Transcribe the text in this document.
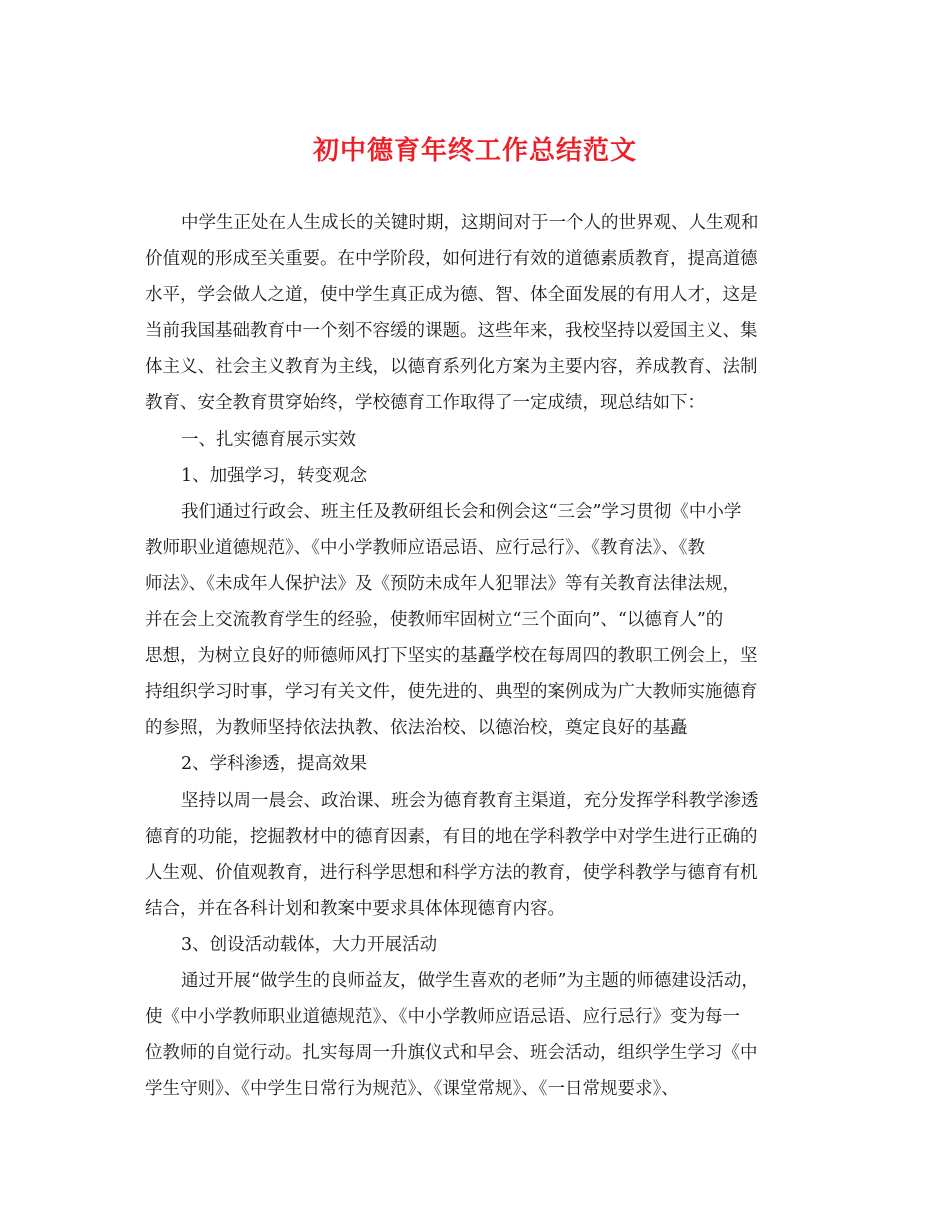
初中德育年终工作总结范文
中学生正处在人生成长的关键时期，这期间对于一个人的世界观、人生观和
价值观的形成至关重要。在中学阶段，如何进行有效的道德素质教育，提高道德
水平，学会做人之道，使中学生真正成为德、智、体全面发展的有用人才，这是
当前我国基础教育中一个刻不容缓的课题。这些年来，我校坚持以爱国主义、集
体主义、社会主义教育为主线，以德育系列化方案为主要内容，养成教育、法制
教育、安全教育贯穿始终，学校德育工作取得了一定成绩，现总结如下：
一、扎实德育展示实效
1、加强学习，转变观念
我们通过行政会、班主任及教研组长会和例会这“三会”学习贯彻《中小学
教师职业道德规范》、《中小学教师应语忌语、应行忌行》、《教育法》、《教
师法》、《未成年人保护法》及《预防未成年人犯罪法》等有关教育法律法规，
并在会上交流教育学生的经验，使教师牢固树立“三个面向”、“以德育人”的
思想，为树立良好的师德师风打下坚实的基矗学校在每周四的教职工例会上，坚
持组织学习时事，学习有关文件，使先进的、典型的案例成为广大教师实施德育
的参照，为教师坚持依法执教、依法治校、以德治校，奠定良好的基矗
2、学科渗透，提高效果
坚持以周一晨会、政治课、班会为德育教育主渠道，充分发挥学科教学渗透
德育的功能，挖掘教材中的德育因素，有目的地在学科教学中对学生进行正确的
人生观、价值观教育，进行科学思想和科学方法的教育，使学科教学与德育有机
结合，并在各科计划和教案中要求具体体现德育内容。
3、创设活动载体，大力开展活动
通过开展“做学生的良师益友，做学生喜欢的老师”为主题的师德建设活动，
使《中小学教师职业道德规范》、《中小学教师应语忌语、应行忌行》变为每一
位教师的自觉行动。扎实每周一升旗仪式和早会、班会活动，组织学生学习《中
学生守则》、《中学生日常行为规范》、《课堂常规》、《一日常规要求》、
